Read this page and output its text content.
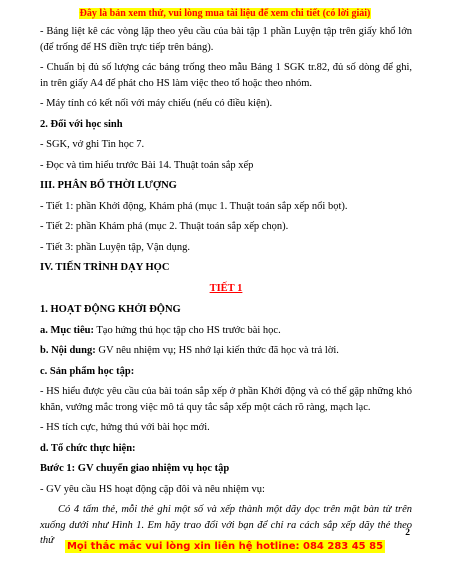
Đây là bản xem thử, vui lòng mua tài liệu để xem chi tiết (có lời giải)

- Bảng liệt kê các vòng lặp theo yêu cầu của bài tập 1 phần Luyện tập trên giấy khổ lớn (để trống để HS điền trực tiếp trên bảng).

- Chuẩn bị đủ số lượng các bảng trống theo mẫu Bảng 1 SGK tr.82, đủ số dòng để ghi, in trên giấy A4 để phát cho HS làm việc theo tổ hoặc theo nhóm.

- Máy tính có kết nối với máy chiếu (nếu có điều kiện).

2. Đối với học sinh

- SGK, vở ghi Tin học 7.

- Đọc và tìm hiểu trước Bài 14. Thuật toán sắp xếp

III. PHÂN BỔ THỜI LƯỢNG

- Tiết 1: phần Khởi động, Khám phá (mục 1. Thuật toán sắp xếp nổi bọt).

- Tiết 2: phần Khám phá (mục 2. Thuật toán sắp xếp chọn).

- Tiết 3: phần Luyện tập, Vận dụng.

IV. TIẾN TRÌNH DẠY HỌC

TIẾT 1

1. HOẠT ĐỘNG KHỞI ĐỘNG

a. Mục tiêu: Tạo hứng thú học tập cho HS trước bài học.

b. Nội dung: GV nêu nhiệm vụ; HS nhớ lại kiến thức đã học và trả lời.

c. Sản phẩm học tập:

- HS hiểu được yêu cầu của bài toán sắp xếp ở phần Khởi động và có thể gặp những khó khăn, vướng mắc trong việc mô tả quy tắc sắp xếp một cách rõ ràng, mạch lạc.

- HS tích cực, hứng thú với bài học mới.

d. Tổ chức thực hiện:

Bước 1: GV chuyển giao nhiệm vụ học tập

- GV yêu cầu HS hoạt động cặp đôi và nêu nhiệm vụ:

Có 4 tấm thẻ, mỗi thẻ ghi một số và xếp thành một dãy dọc trên mặt bàn từ trên xuống dưới như Hình 1. Em hãy trao đổi với bạn để chỉ ra cách sắp xếp dãy thẻ theo thứ

2
Mọi thắc mắc vui lòng xin liên hệ hotline: 084 283 45 85
